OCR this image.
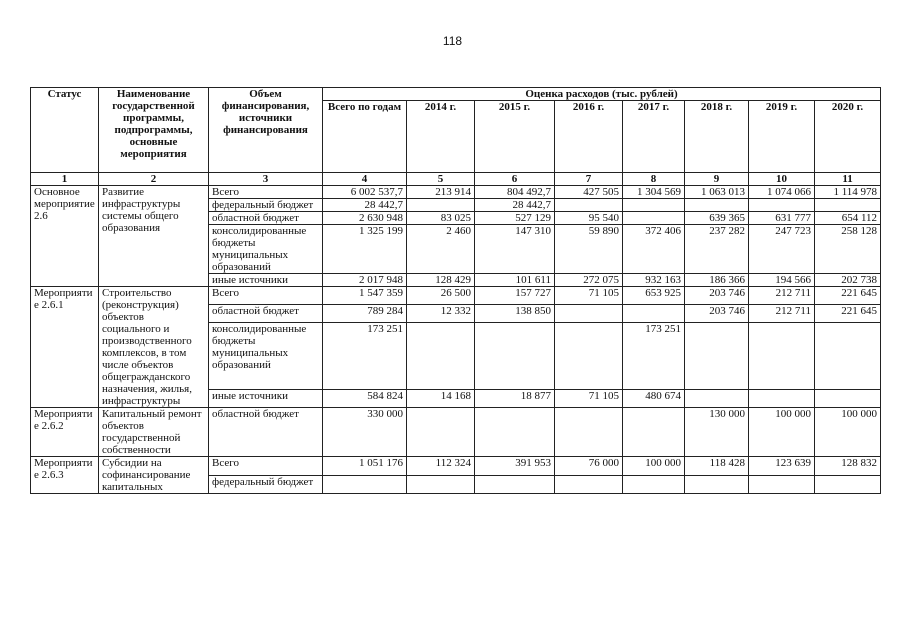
118
Статус	Наименование государственной программы, подпрограммы, основные мероприятия	Объем финансирования, источники финансирования	Оценка расходов (тыс. рублей)							
			Всего по годам	2014 г.	2015 г.	2016 г.	2017 г.	2018 г.	2019 г.	2020 г.
1	2	3	4	5	6	7	8	9	10	11
Основное мероприятие 2.6	Развитие инфраструктуры системы общего образования	Всего	6 002 537,7	213 914	804 492,7	427 505	1 304 569	1 063 013	1 074 066	1 114 978
		федеральный бюджет	28 442,7		28 442,7					
		областной бюджет	2 630 948	83 025	527 129	95 540		639 365	631 777	654 112
		консолидированные бюджеты муниципальных образований	1 325 199	2 460	147 310	59 890	372 406	237 282	247 723	258 128
		иные источники	2 017 948	128 429	101 611	272 075	932 163	186 366	194 566	202 738
Мероприятие 2.6.1	Строительство (реконструкция) объектов социального и производственного комплексов, в том числе объектов общегражданского назначения, жилья, инфраструктуры	Всего	1 547 359	26 500	157 727	71 105	653 925	203 746	212 711	221 645
		областной бюджет	789 284	12 332	138 850			203 746	212 711	221 645
		консолидированные бюджеты муниципальных образований	173 251				173 251			
		иные источники	584 824	14 168	18 877	71 105	480 674			
Мероприятие 2.6.2	Капитальный ремонт объектов государственной собственности	областной бюджет	330 000					130 000	100 000	100 000
Мероприятие 2.6.3	Субсидии на софинансирование капитальных	Всего	1 051 176	112 324	391 953	76 000	100 000	118 428	123 639	128 832
		федеральный бюджет								
